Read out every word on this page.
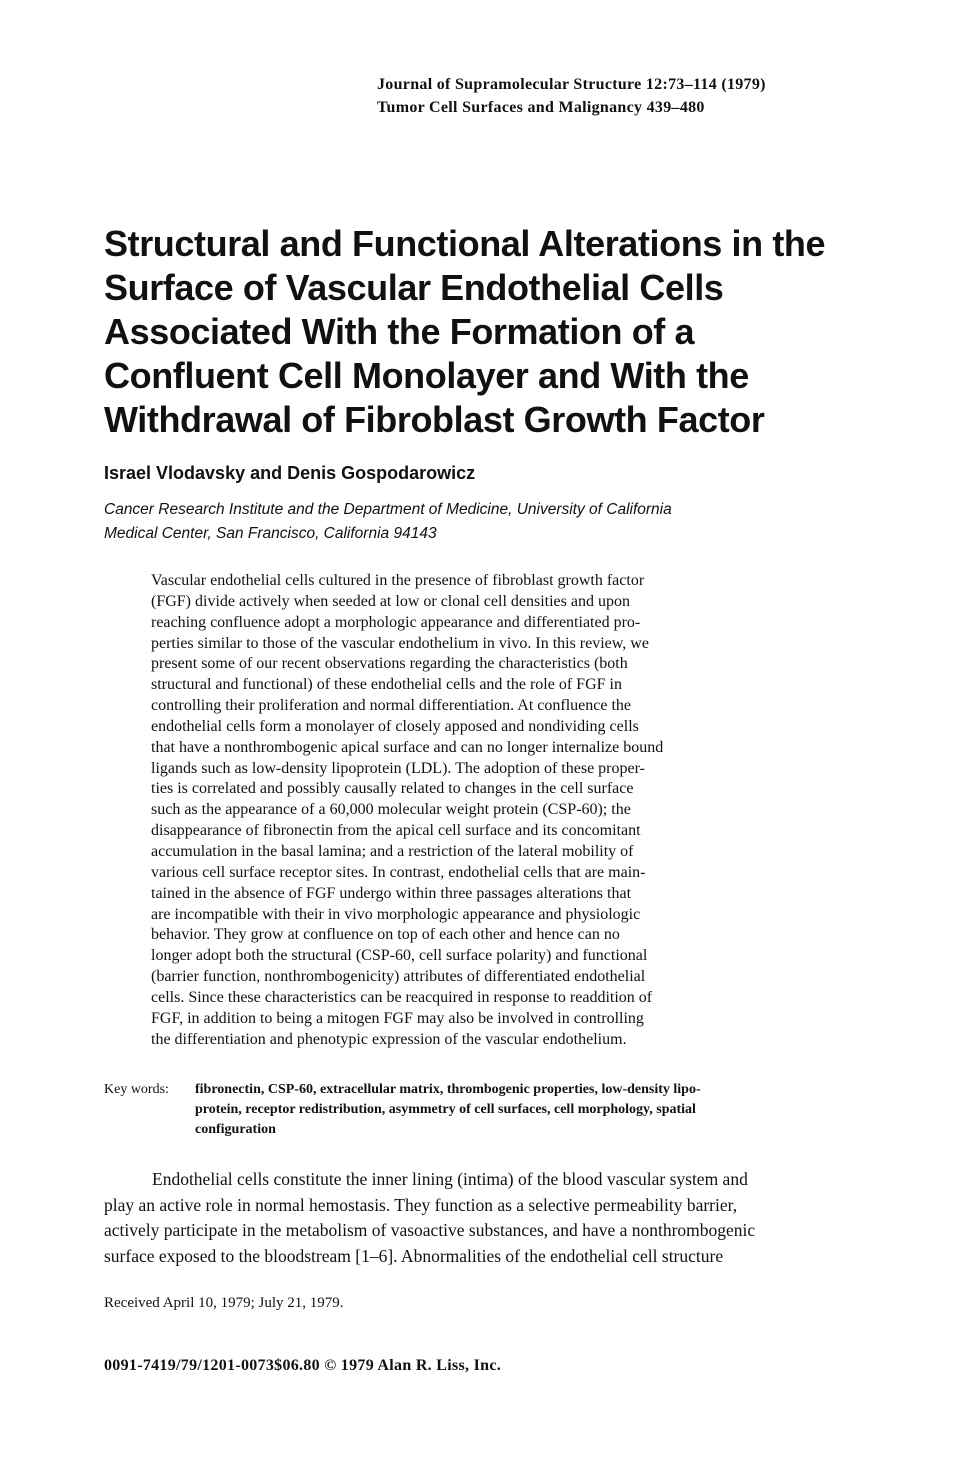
Journal of Supramolecular Structure 12:73–114 (1979)
Tumor Cell Surfaces and Malignancy 439–480
Structural and Functional Alterations in the
Surface of Vascular Endothelial Cells
Associated With the Formation of a
Confluent Cell Monolayer and With the
Withdrawal of Fibroblast Growth Factor
Israel Vlodavsky and Denis Gospodarowicz
Cancer Research Institute and the Department of Medicine, University of California
Medical Center, San Francisco, California 94143
Vascular endothelial cells cultured in the presence of fibroblast growth factor
(FGF) divide actively when seeded at low or clonal cell densities and upon
reaching confluence adopt a morphologic appearance and differentiated pro-
perties similar to those of the vascular endothelium in vivo. In this review, we
present some of our recent observations regarding the characteristics (both
structural and functional) of these endothelial cells and the role of FGF in
controlling their proliferation and normal differentiation. At confluence the
endothelial cells form a monolayer of closely apposed and nondividing cells
that have a nonthrombogenic apical surface and can no longer internalize bound
ligands such as low-density lipoprotein (LDL). The adoption of these proper-
ties is correlated and possibly causally related to changes in the cell surface
such as the appearance of a 60,000 molecular weight protein (CSP-60); the
disappearance of fibronectin from the apical cell surface and its concomitant
accumulation in the basal lamina; and a restriction of the lateral mobility of
various cell surface receptor sites. In contrast, endothelial cells that are main-
tained in the absence of FGF undergo within three passages alterations that
are incompatible with their in vivo morphologic appearance and physiologic
behavior. They grow at confluence on top of each other and hence can no
longer adopt both the structural (CSP-60, cell surface polarity) and functional
(barrier function, nonthrombogenicity) attributes of differentiated endothelial
cells. Since these characteristics can be reacquired in response to readdition of
FGF, in addition to being a mitogen FGF may also be involved in controlling
the differentiation and phenotypic expression of the vascular endothelium.
Key words: fibronectin, CSP-60, extracellular matrix, thrombogenic properties, low-density lipo-
protein, receptor redistribution, asymmetry of cell surfaces, cell morphology, spatial
configuration
Endothelial cells constitute the inner lining (intima) of the blood vascular system and
play an active role in normal hemostasis. They function as a selective permeability barrier,
actively participate in the metabolism of vasoactive substances, and have a nonthrombogenic
surface exposed to the bloodstream [1–6]. Abnormalities of the endothelial cell structure
Received April 10, 1979; July 21, 1979.
0091-7419/79/1201-0073$06.80 © 1979 Alan R. Liss, Inc.
